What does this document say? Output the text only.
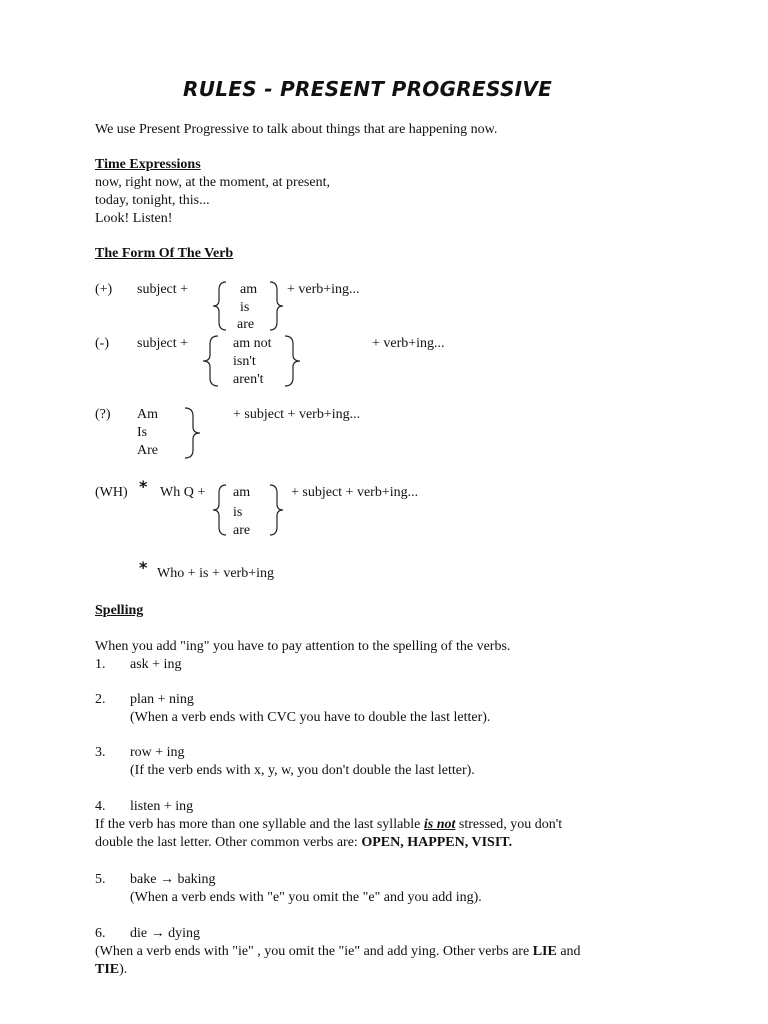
RULES - PRESENT PROGRESSIVE
We use Present Progressive to talk about things that are happening now.
Time Expressions
now, right now, at the moment, at present,
today, tonight, this...
Look! Listen!
The Form Of The Verb
(+) subject +	am
is
are
+ verb+ing...
(-) subject +	am not
isn't
aren't
+ verb+ing...
(?) Am
Is
Are
+ subject + verb+ing...
(WH) * Wh Q + am
is
are
+ subject + verb+ing...
* Who + is + verb+ing
Spelling
When you add "ing" you have to pay attention to the spelling of the verbs.
1. ask + ing
2. plan + ning
(When a verb ends with CVC you have to double the last letter).
3. row + ing
(If the verb ends with x, y, w, you don't double the last letter).
4. listen + ing
If the verb has more than one syllable and the last syllable is not stressed, you don't
double the last letter. Other common verbs are: OPEN, HAPPEN, VISIT.
5. bake → baking
(When a verb ends with "e" you omit the "e" and you add ing).
6. die → dying
(When a verb ends with "ie" , you omit the "ie" and add ying. Other verbs are LIE and
TIE).
